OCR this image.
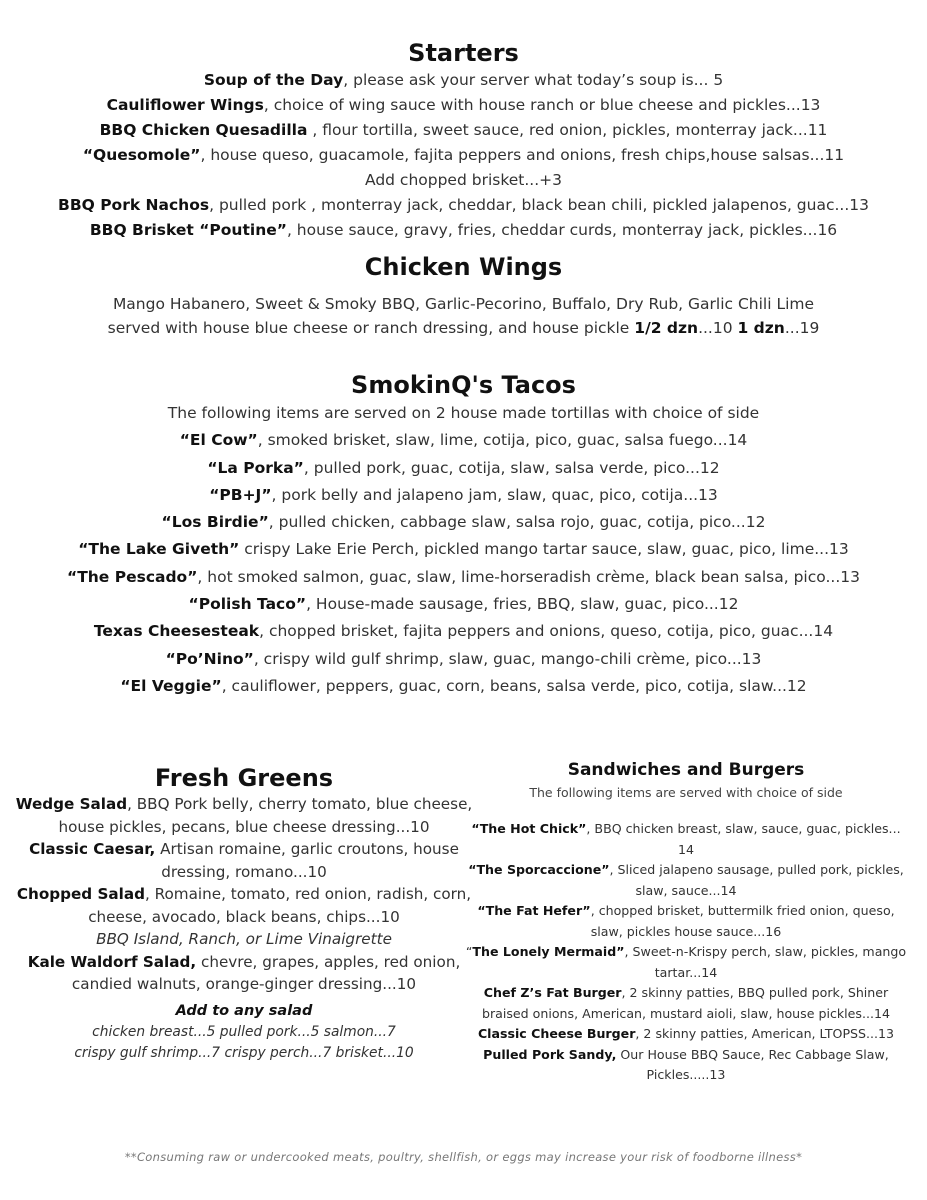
Starters
Soup of the Day, please ask your server what today’s soup is... 5
Cauliflower Wings, choice of wing sauce with house ranch or blue cheese and pickles...13
BBQ Chicken Quesadilla , flour tortilla, sweet sauce, red onion, pickles, monterray jack...11
“Quesomole”, house queso, guacamole, fajita peppers and onions, fresh chips,house salsas...11
Add chopped brisket...+3
BBQ Pork Nachos, pulled pork , monterray jack, cheddar, black bean chili, pickled jalapenos, guac...13
BBQ Brisket “Poutine”, house sauce, gravy, fries, cheddar curds, monterray jack, pickles...16
Chicken Wings
Mango Habanero, Sweet & Smoky BBQ, Garlic-Pecorino, Buffalo, Dry Rub, Garlic Chili Lime
served with house blue cheese or ranch dressing, and house pickle 1/2 dzn...10 1 dzn...19
SmokinQ's Tacos
The following items are served on 2 house made tortillas with choice of side
“El Cow”, smoked brisket, slaw, lime, cotija, pico, guac, salsa fuego...14
“La Porka”, pulled pork, guac, cotija, slaw, salsa verde, pico...12
“PB+J”, pork belly and jalapeno jam, slaw, quac, pico, cotija...13
“Los Birdie”, pulled chicken, cabbage slaw, salsa rojo, guac, cotija, pico...12
“The Lake Giveth” crispy Lake Erie Perch, pickled mango tartar sauce, slaw, guac, pico, lime...13
“The Pescado”, hot smoked salmon, guac, slaw, lime-horseradish crème, black bean salsa, pico...13
“Polish Taco”, House-made sausage, fries, BBQ, slaw, guac, pico...12
Texas Cheesesteak, chopped brisket, fajita peppers and onions, queso, cotija, pico, guac...14
“Po’Nino”, crispy wild gulf shrimp, slaw, guac, mango-chili crème, pico...13
“El Veggie”, cauliflower, peppers, guac, corn, beans, salsa verde, pico, cotija, slaw...12
Fresh Greens
Wedge Salad, BBQ Pork belly, cherry tomato, blue cheese, house pickles, pecans, blue cheese dressing...10
Classic Caesar, Artisan romaine, garlic croutons, house dressing, romano...10
Chopped Salad, Romaine, tomato, red onion, radish, corn, cheese, avocado, black beans, chips...10
BBQ Island, Ranch, or Lime Vinaigrette
Kale Waldorf Salad, chevre, grapes, apples, red onion, candied walnuts, orange-ginger dressing...10
Add to any salad
chicken breast...5 pulled pork...5 salmon...7
crispy gulf shrimp...7 crispy perch...7 brisket...10
Sandwiches and Burgers
The following items are served with choice of side
“The Hot Chick”, BBQ chicken breast, slaw, sauce, guac, pickles... 14
“The Sporcaccione”, Sliced jalapeno sausage, pulled pork, pickles, slaw, sauce...14
“The Fat Hefer”, chopped brisket, buttermilk fried onion, queso, slaw, pickles house sauce...16
“The Lonely Mermaid”, Sweet-n-Krispy perch, slaw, pickles, mango tartar...14
Chef Z’s Fat Burger, 2 skinny patties, BBQ pulled pork, Shiner braised onions, American, mustard aioli, slaw, house pickles...14
Classic Cheese Burger, 2 skinny patties, American, LTOPSS...13
Pulled Pork Sandy, Our House BBQ Sauce, Rec Cabbage Slaw, Pickles.....13
**Consuming raw or undercooked meats, poultry, shellfish, or eggs may increase your risk of foodborne illness*
